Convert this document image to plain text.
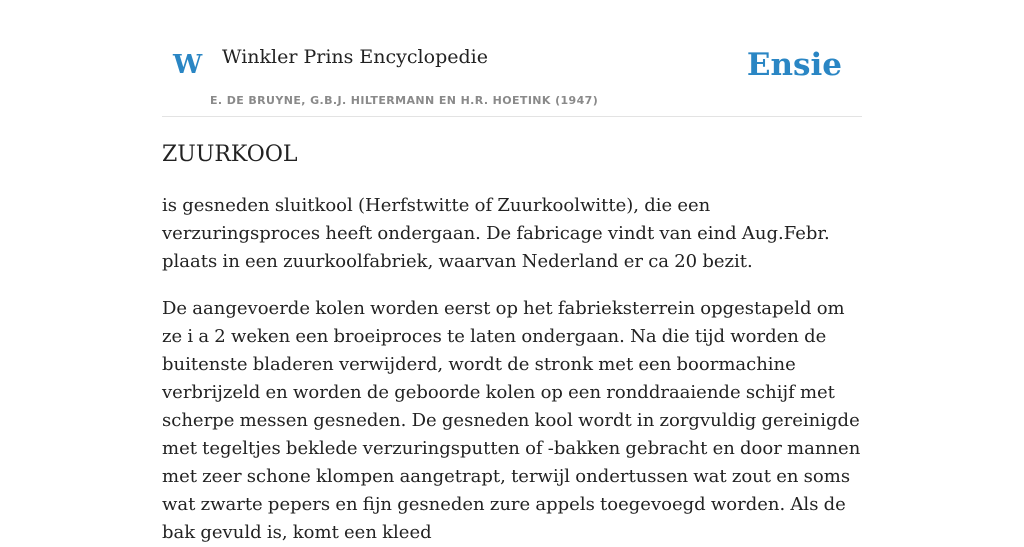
W Winkler Prins Encyclopedie
E. DE BRUYNE, G.B.J. HILTERMANN EN H.R. HOETINK (1947)
Ensie
ZUURKOOL

is gesneden sluitkool (Herfstwitte of Zuurkoolwitte), die een verzuringsproces heeft ondergaan. De fabricage vindt van eind Aug.Febr. plaats in een zuurkoolfabriek, waarvan Nederland er ca 20 bezit.

De aangevoerde kolen worden eerst op het fabrieksterrein opgestapeld om ze i a 2 weken een broeiproces te laten ondergaan. Na die tijd worden de buitenste bladeren verwijderd, wordt de stronk met een boormachine verbrijzeld en worden de geboorde kolen op een ronddraaiende schijf met scherpe messen gesneden. De gesneden kool wordt in zorgvuldig gereinigde met tegeltjes beklede verzuringsputten of -bakken gebracht en door mannen met zeer schone klompen aangetrapt, terwijl ondertussen wat zout en soms wat zwarte pepers en fijn gesneden zure appels toegevoegd worden. Als de bak gevuld is, komt een kleed
